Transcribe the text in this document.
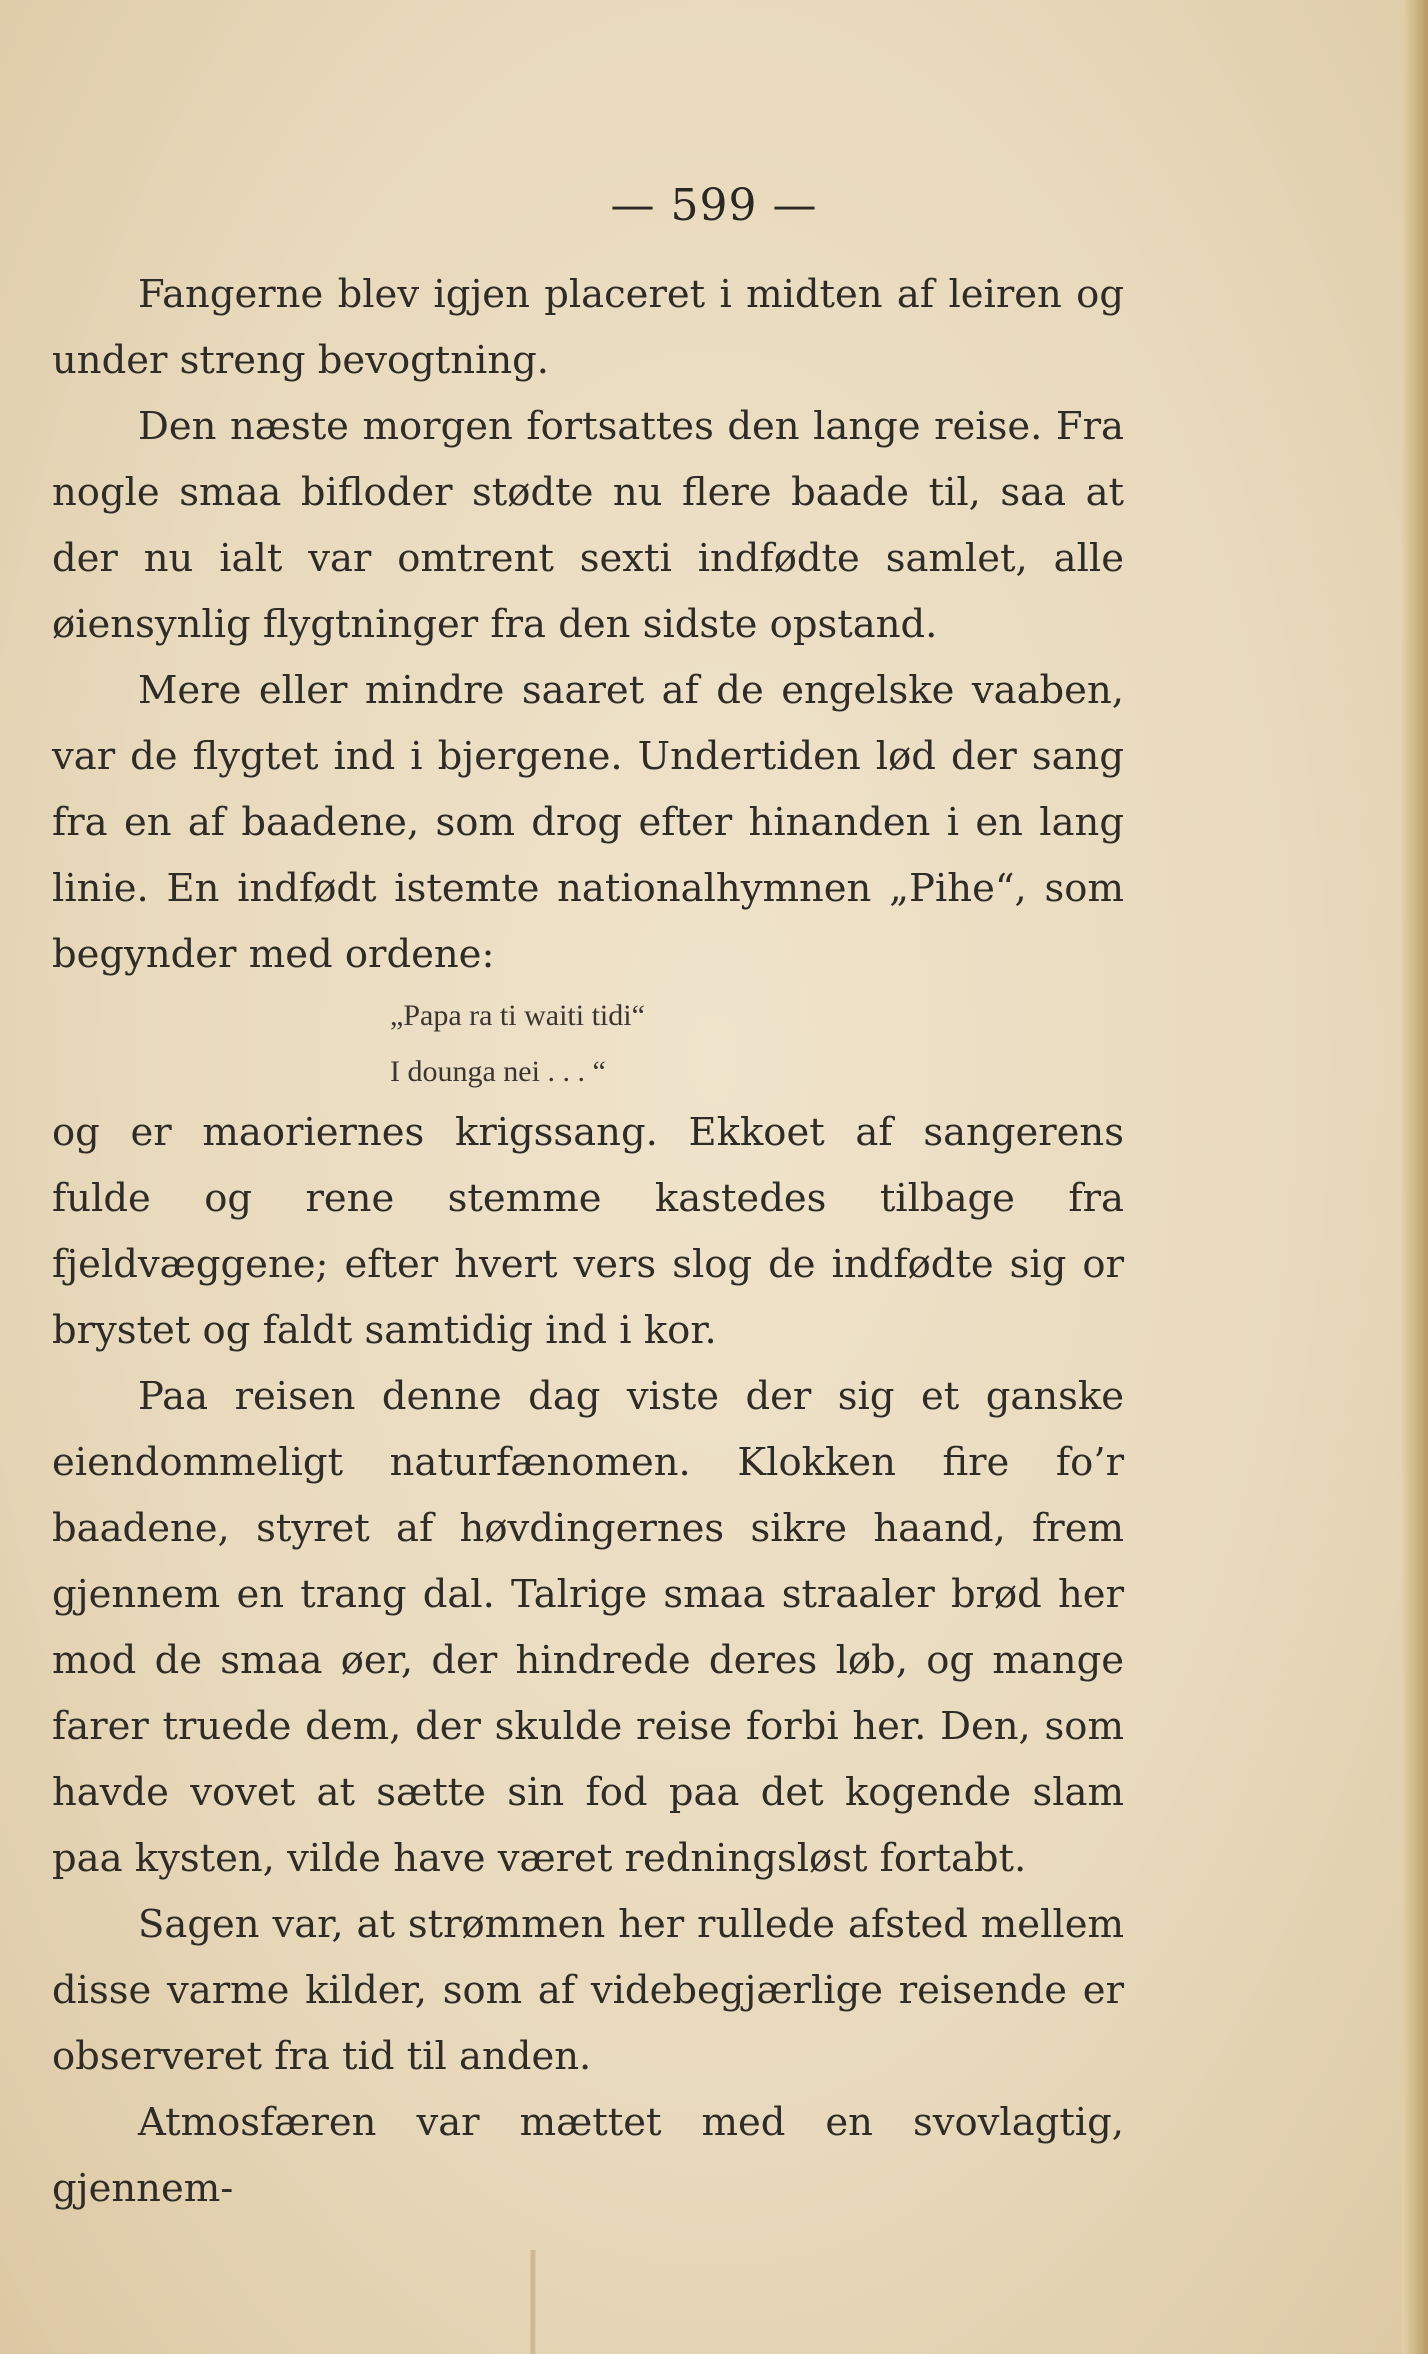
— 599 —

Fangerne blev igjen placeret i midten af leiren og under streng bevogtning.

Den næste morgen fortsattes den lange reise. Fra nogle smaa bifloder stødte nu flere baade til, saa at der nu ialt var omtrent sexti indfødte samlet, alle øiensynlig flygtninger fra den sidste opstand.

Mere eller mindre saaret af de engelske vaaben, var de flygtet ind i bjergene. Undertiden lød der sang fra en af baadene, som drog efter hinanden i en lang linie. En indfødt istemte nationalhymnen „Pihe“, som begynder med ordene:

„Papa ra ti waiti tidi“
I dounga nei . . . “

og er maoriernes krigssang. Ekkoet af sangerens fulde og rene stemme kastedes tilbage fra fjeldvæggene; efter hvert vers slog de indfødte sig or brystet og faldt samtidig ind i kor.

Paa reisen denne dag viste der sig et ganske eiendommeligt naturfænomen. Klokken fire fo’r baadene, styret af høvdingernes sikre haand, frem gjennem en trang dal. Talrige smaa straaler brød her mod de smaa øer, der hindrede deres løb, og mange farer truede dem, der skulde reise forbi her. Den, som havde vovet at sætte sin fod paa det kogende slam paa kysten, vilde have været redningsløst fortabt.

Sagen var, at strømmen her rullede afsted mellem disse varme kilder, som af videbegjærlige reisende er observeret fra tid til anden.

Atmosfæren var mættet med en svovlagtig, gjennem-
